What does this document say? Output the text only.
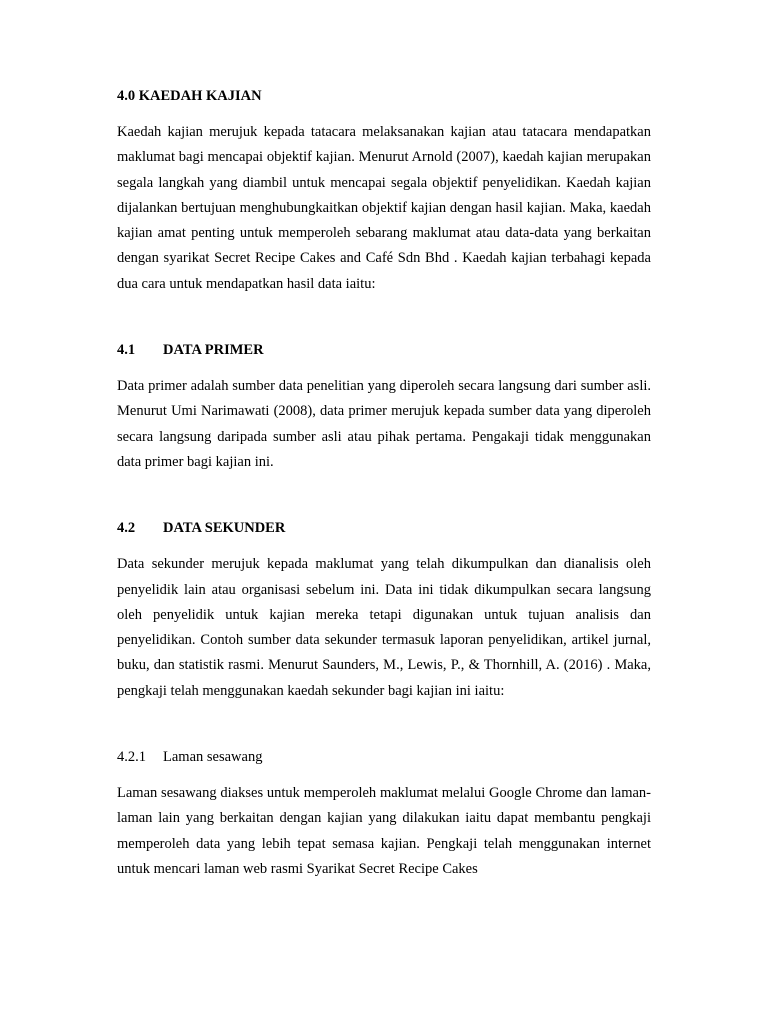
4.0 KAEDAH KAJIAN

Kaedah kajian merujuk kepada tatacara melaksanakan kajian atau tatacara mendapatkan maklumat bagi mencapai objektif kajian. Menurut Arnold (2007), kaedah kajian merupakan segala langkah yang diambil untuk mencapai segala objektif penyelidikan. Kaedah kajian dijalankan bertujuan menghubungkaitkan objektif kajian dengan hasil kajian. Maka, kaedah kajian amat penting untuk memperoleh sebarang maklumat atau data-data yang berkaitan dengan syarikat Secret Recipe Cakes and Café Sdn Bhd . Kaedah kajian terbahagi kepada dua cara untuk mendapatkan hasil data iaitu:

4.1 DATA PRIMER

Data primer adalah sumber data penelitian yang diperoleh secara langsung dari sumber asli. Menurut Umi Narimawati (2008), data primer merujuk kepada sumber data yang diperoleh secara langsung daripada sumber asli atau pihak pertama. Pengakaji tidak menggunakan data primer bagi kajian ini.

4.2 DATA SEKUNDER

Data sekunder merujuk kepada maklumat yang telah dikumpulkan dan dianalisis oleh penyelidik lain atau organisasi sebelum ini. Data ini tidak dikumpulkan secara langsung oleh penyelidik untuk kajian mereka tetapi digunakan untuk tujuan analisis dan penyelidikan. Contoh sumber data sekunder termasuk laporan penyelidikan, artikel jurnal, buku, dan statistik rasmi. Menurut Saunders, M., Lewis, P., & Thornhill, A. (2016) . Maka, pengkaji telah menggunakan kaedah sekunder bagi kajian ini iaitu:

4.2.1 Laman sesawang

Laman sesawang diakses untuk memperoleh maklumat melalui Google Chrome dan laman-laman lain yang berkaitan dengan kajian yang dilakukan iaitu dapat membantu pengkaji memperoleh data yang lebih tepat semasa kajian. Pengkaji telah menggunakan internet untuk mencari laman web rasmi Syarikat Secret Recipe Cakes
